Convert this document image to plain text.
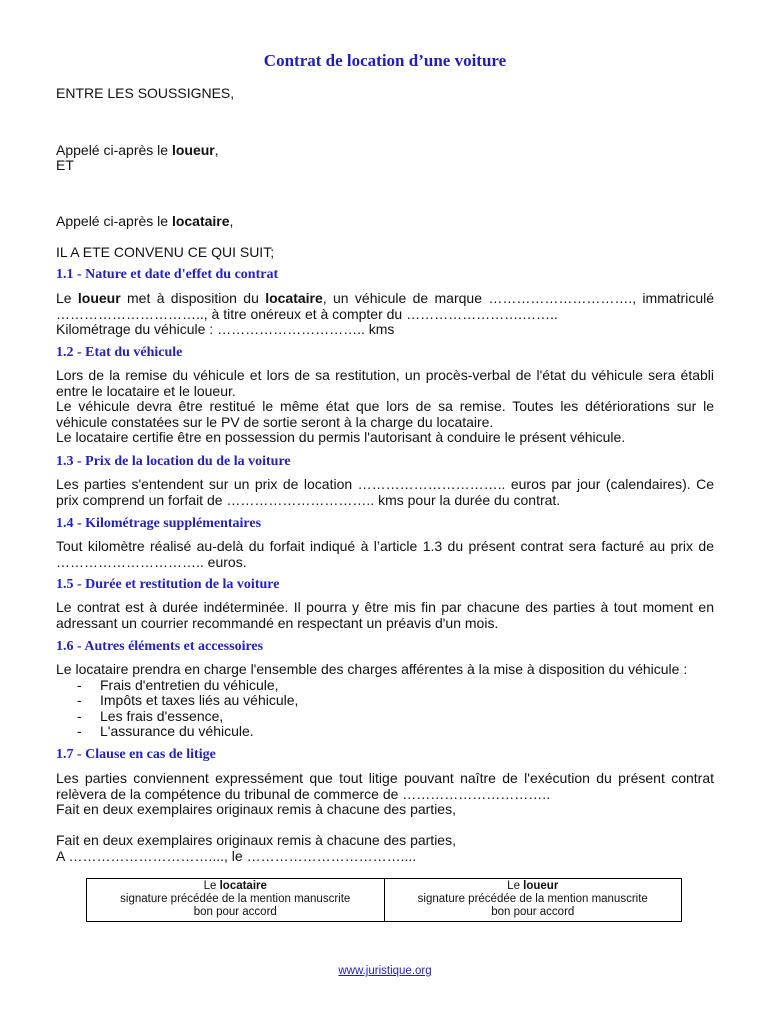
Contrat de location d’une voiture
ENTRE LES SOUSSIGNES,
Appelé ci-après le loueur,
ET
Appelé ci-après le locataire,
IL A ETE CONVENU CE QUI SUIT;
1.1 - Nature et date d'effet du contrat
Le loueur met à disposition du locataire, un véhicule de marque …………………………., immatriculé
………………………….., à titre onéreux et à compter du …………………….……..
Kilométrage du véhicule : ………………………….. kms
1.2 - Etat du véhicule
Lors de la remise du véhicule et lors de sa restitution, un procès-verbal de l'état du véhicule sera établi
entre le locataire et le loueur.
Le véhicule devra être restitué le même état que lors de sa remise. Toutes les détériorations sur le
véhicule constatées sur le PV de sortie seront à la charge du locataire.
Le locataire certifie être en possession du permis l'autorisant à conduire le présent véhicule.
1.3 - Prix de la location du de la voiture
Les parties s'entendent sur un prix de location ………………………….. euros par jour (calendaires). Ce
prix comprend un forfait de ………………………….. kms pour la durée du contrat.
1.4 - Kilométrage supplémentaires
Tout kilomètre réalisé au-delà du forfait indiqué à l’article 1.3 du présent contrat sera facturé au prix de
………………………….. euros.
1.5 - Durée et restitution de la voiture
Le contrat est à durée indéterminée. Il pourra y être mis fin par chacune des parties à tout moment en
adressant un courrier recommandé en respectant un préavis d'un mois.
1.6 - Autres éléments et accessoires
Le locataire prendra en charge l'ensemble des charges afférentes à la mise à disposition du véhicule :
- Frais d'entretien du véhicule,
- Impôts et taxes liés au véhicule,
- Les frais d'essence,
- L'assurance du véhicule.
1.7 - Clause en cas de litige
Les parties conviennent expressément que tout litige pouvant naître de l'exécution du présent contrat
relèvera de la compétence du tribunal de commerce de …………………………..
Fait en deux exemplaires originaux remis à chacune des parties,
Fait en deux exemplaires originaux remis à chacune des parties,
A …………………………...., le ……………………………....
Le locataire
signature précédée de la mention manuscrite
bon pour accord

Le loueur
signature précédée de la mention manuscrite
bon pour accord
www.juristique.org
